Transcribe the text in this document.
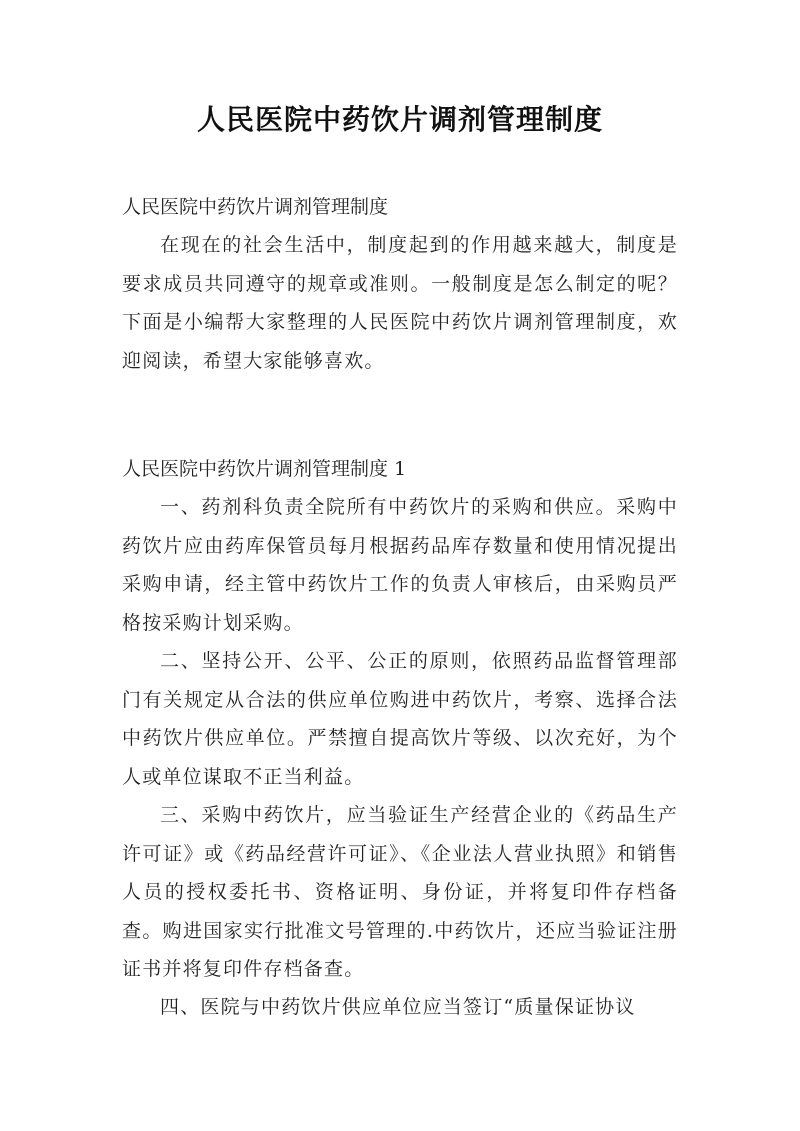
人民医院中药饮片调剂管理制度

人民医院中药饮片调剂管理制度

在现在的社会生活中，制度起到的作用越来越大，制度是要求成员共同遵守的规章或准则。一般制度是怎么制定的呢？下面是小编帮大家整理的人民医院中药饮片调剂管理制度，欢迎阅读，希望大家能够喜欢。

人民医院中药饮片调剂管理制度 1

一、药剂科负责全院所有中药饮片的采购和供应。采购中药饮片应由药库保管员每月根据药品库存数量和使用情况提出采购申请，经主管中药饮片工作的负责人审核后，由采购员严格按采购计划采购。

二、坚持公开、公平、公正的原则，依照药品监督管理部门有关规定从合法的供应单位购进中药饮片，考察、选择合法中药饮片供应单位。严禁擅自提高饮片等级、以次充好，为个人或单位谋取不正当利益。

三、采购中药饮片，应当验证生产经营企业的《药品生产许可证》或《药品经营许可证》、《企业法人营业执照》和销售人员的授权委托书、资格证明、身份证，并将复印件存档备查。购进国家实行批准文号管理的.中药饮片，还应当验证注册证书并将复印件存档备查。

四、医院与中药饮片供应单位应当签订“质量保证协议
